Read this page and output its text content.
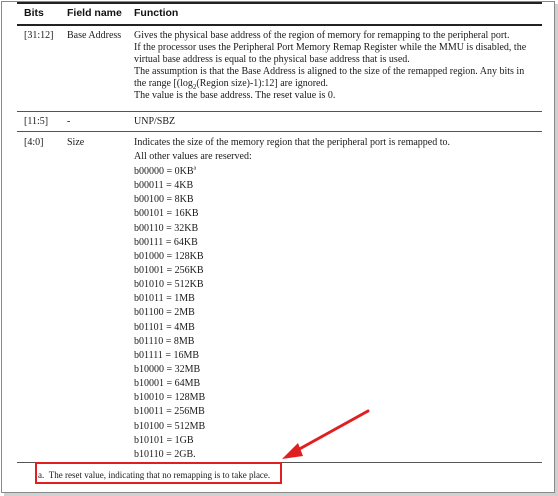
Bits Field name Function
[31:12] Base Address Gives the physical base address of the region of memory for remapping to the peripheral port.

If the processor uses the Peripheral Port Memory Remap Register while the MMU is disabled, the virtual base address is equal to the physical base address that is used.

The assumption is that the Base Address is aligned to the size of the remapped region. Any bits in the range [($\log_2(Region$ size)-1):12] are ignored.

The value is the base address. The reset value is 0.

[11:5] -	UNP/SBZ
[4:0] Size	Indicates the size of the memory region that the peripheral port is remapped to.
All other values are reserved:
$b00000 = 0KB^a$
b00011 = 4KB
b00100 = 8KB
b00101 = 16KB
b00110 = 32KB
b00111 = 64KB
b01000 = 128KB
b01001 = 256KB
b01010 = 512KB
b01011 = 1MB
b01100 = 2MB
b01101 = 4MB
b01110 = 8MB
b01111 = 16MB
b10000 = 32MB
b10001 = 64MB
b10010 = 128MB
b10011 = 256MB
b10100 = 512MB
b10101 = 1GB
b10110 = 2GB.
a. The reset value, indicating that no remapping is to take place.
